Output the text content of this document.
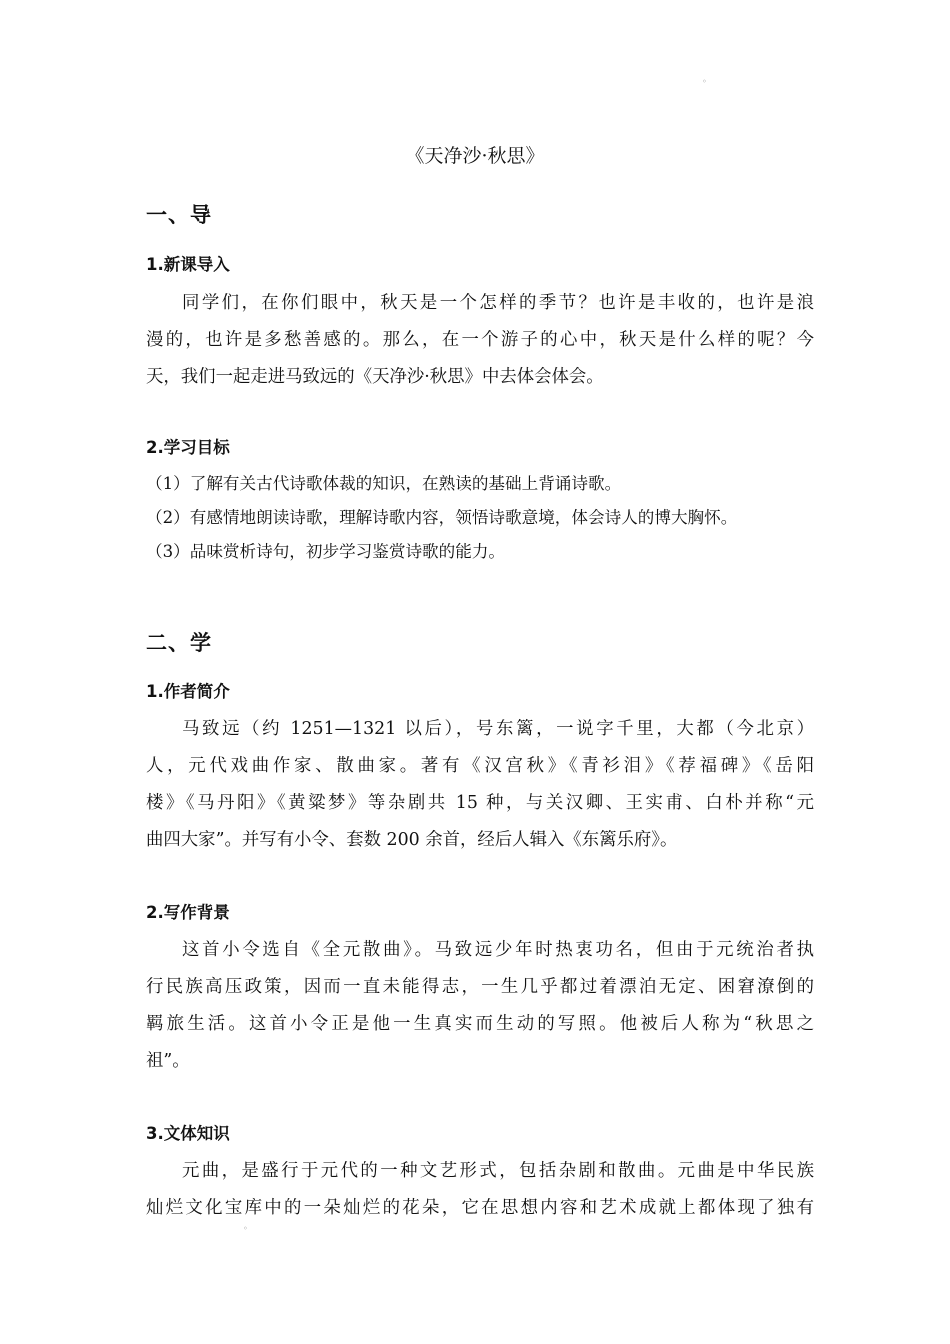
◦
《天净沙·秋思》
一、导
1.新课导入
同学们，在你们眼中，秋天是一个怎样的季节？也许是丰收的，也许是浪
漫的，也许是多愁善感的。那么，在一个游子的心中，秋天是什么样的呢？今
天，我们一起走进马致远的《天净沙·秋思》中去体会体会。
2.学习目标
（1）了解有关古代诗歌体裁的知识，在熟读的基础上背诵诗歌。
（2）有感情地朗读诗歌，理解诗歌内容，领悟诗歌意境，体会诗人的博大胸怀。
（3）品味赏析诗句，初步学习鉴赏诗歌的能力。
二、学
1.作者简介
马致远（约 1251—1321 以后），号东篱，一说字千里，大都（今北京）
人，元代戏曲作家、散曲家。著有《汉宫秋》《青衫泪》《荐福碑》《岳阳
楼》《马丹阳》《黄粱梦》等杂剧共 15 种，与关汉卿、王实甫、白朴并称“元
曲四大家”。并写有小令、套数 200 余首，经后人辑入《东篱乐府》。
2.写作背景
这首小令选自《全元散曲》。马致远少年时热衷功名，但由于元统治者执
行民族高压政策，因而一直未能得志，一生几乎都过着漂泊无定、困窘潦倒的
羁旅生活。这首小令正是他一生真实而生动的写照。他被后人称为“秋思之
祖”。
3.文体知识
元曲，是盛行于元代的一种文艺形式，包括杂剧和散曲。元曲是中华民族
灿烂文化宝库中的一朵灿烂的花朵，它在思想内容和艺术成就上都体现了独有
◦
